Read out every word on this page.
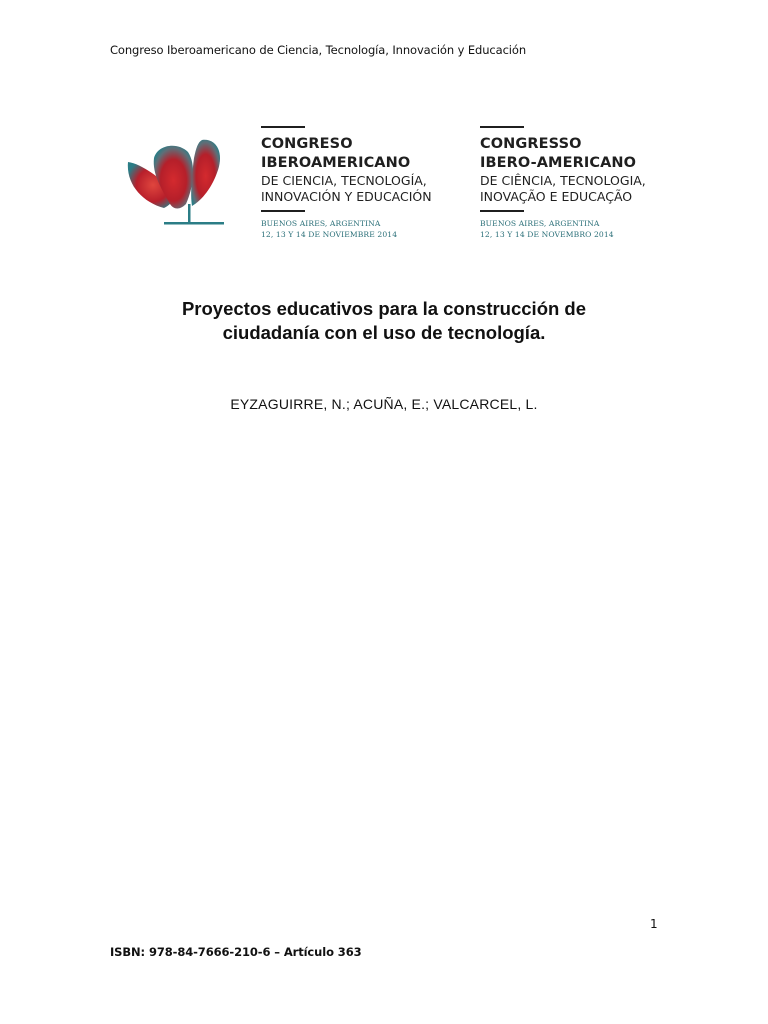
Congreso Iberoamericano de Ciencia, Tecnología, Innovación y Educación
CONGRESO
IBEROAMERICANO
DE CIENCIA, TECNOLOGÍA,
INNOVACIÓN Y EDUCACIÓN
BUENOS AIRES, ARGENTINA
12, 13 Y 14 DE NOVIEMBRE 2014
CONGRESSO
IBERO-AMERICANO
DE CIÊNCIA, TECNOLOGIA,
INOVAÇÃO E EDUCAÇÃO
BUENOS AIRES, ARGENTINA
12, 13 Y 14 DE NOVEMBRO 2014
Proyectos educativos para la construcción de
ciudadanía con el uso de tecnología.
EYZAGUIRRE, N.; ACUÑA, E.; VALCARCEL, L.
1
ISBN: 978-84-7666-210-6 – Artículo 363
